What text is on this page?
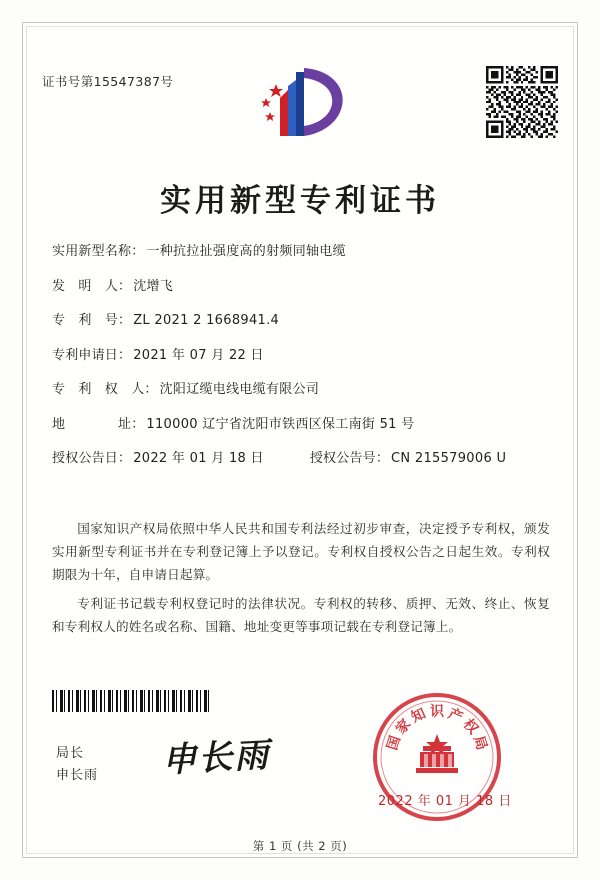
证书号第15547387号
实用新型专利证书
实用新型名称： 一种抗拉扯强度高的射频同轴电缆
发　明　人： 沈增飞
专　利　号： ZL 2021 2 1668941.4
专利申请日： 2021 年 07 月 22 日
专　利　权　人： 沈阳辽缆电线电缆有限公司
地　　　　址： 110000 辽宁省沈阳市铁西区保工南街 51 号
授权公告日： 2022 年 01 月 18 日	授权公告号： CN 215579006 U

国家知识产权局依照中华人民共和国专利法经过初步审查，决定授予专利权，颁发实用新型专利证书并在专利登记簿上予以登记。专利权自授权公告之日起生效。专利权期限为十年，自申请日起算。

专利证书记载专利权登记时的法律状况。专利权的转移、质押、无效、终止、恢复和专利权人的姓名或名称、国籍、地址变更等事项记载在专利登记簿上。

局长
申长雨 申长雨	国
家
知 识 产
权
局
2022 年 01 月 18 日
第 1 页 (共 2 页)
